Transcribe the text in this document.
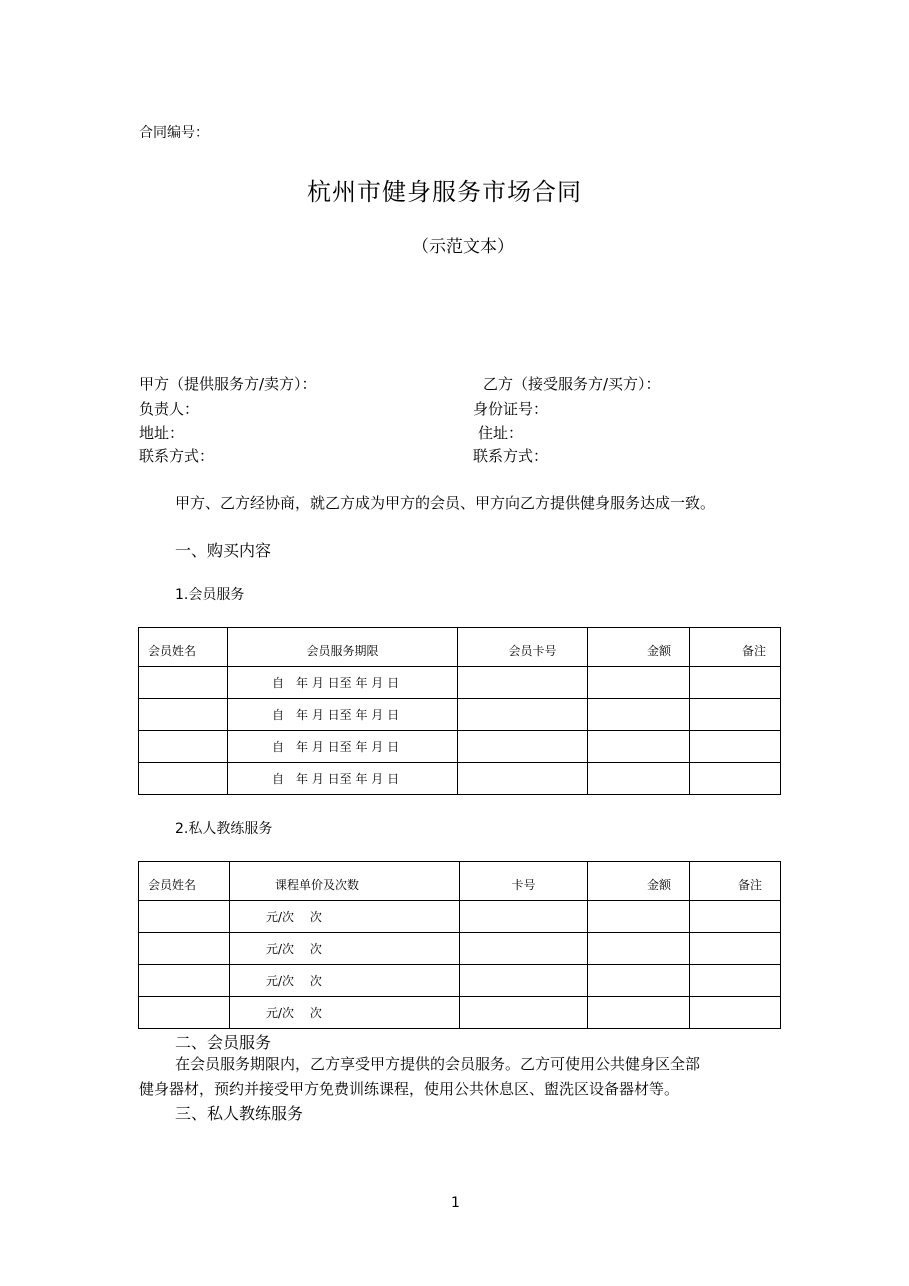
合同编号：
杭州市健身服务市场合同
（示范文本）
甲方（提供服务方/卖方）：
负责人：
地址：
联系方式：
乙方（接受服务方/买方）：
身份证号：
住址：
联系方式：
甲方、乙方经协商，就乙方成为甲方的会员、甲方向乙方提供健身服务达成一致。
一、购买内容
1.会员服务
会员姓名	会员服务期限	会员卡号	金额	备注
	自　年 月 日至 年 月 日			
	自　年 月 日至 年 月 日			
	自　年 月 日至 年 月 日			
	自　年 月 日至 年 月 日			
2.私人教练服务
会员姓名	课程单价及次数	卡号	金额	备注
	元/次　 次			
	元/次　 次			
	元/次　 次			
	元/次　 次			
二、会员服务
在会员服务期限内，乙方享受甲方提供的会员服务。乙方可使用公共健身区全部
健身器材，预约并接受甲方免费训练课程，使用公共休息区、盥洗区设备器材等。
三、私人教练服务
1
